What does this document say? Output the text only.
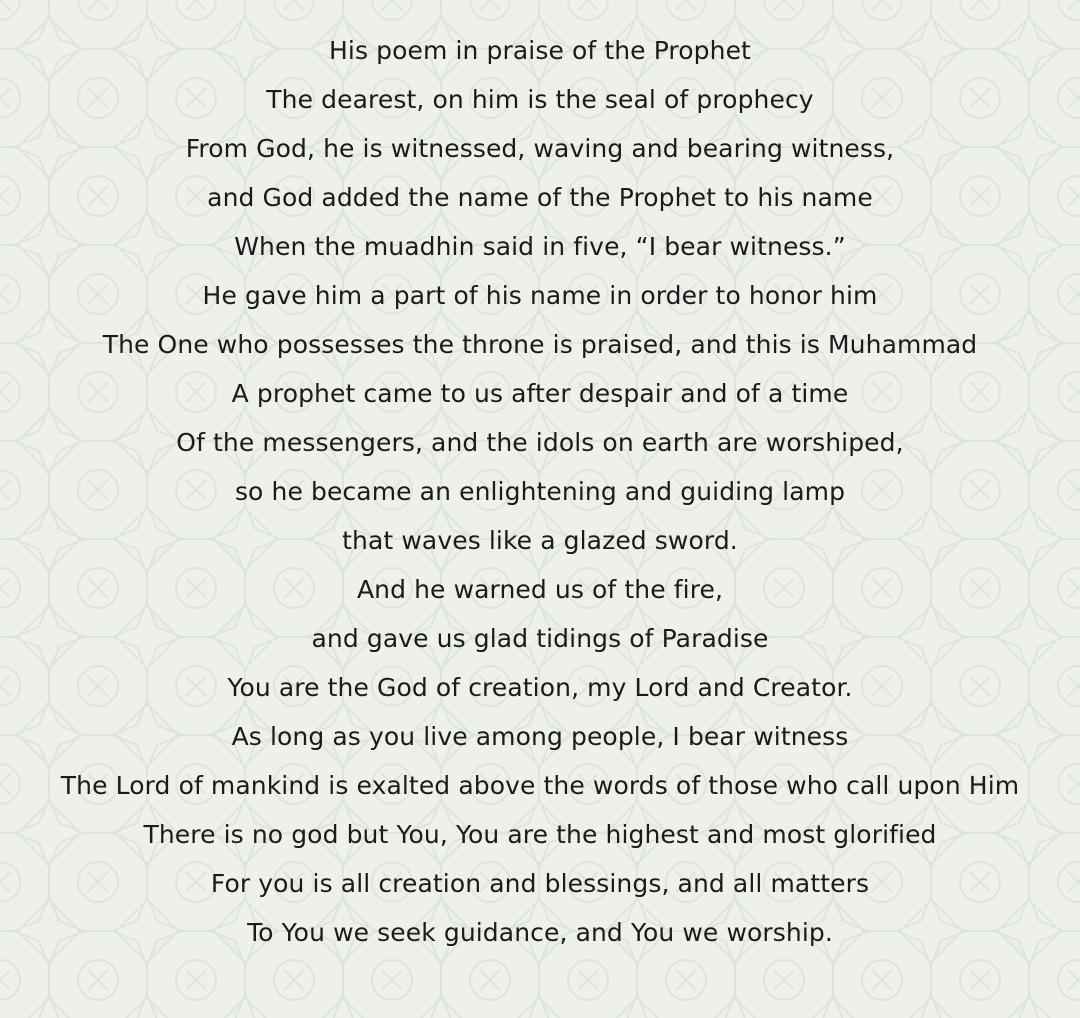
His poem in praise of the Prophet
The dearest, on him is the seal of prophecy
From God, he is witnessed, waving and bearing witness,
and God added the name of the Prophet to his name
When the muadhin said in five, “I bear witness.”
He gave him a part of his name in order to honor him
The One who possesses the throne is praised, and this is Muhammad
A prophet came to us after despair and of a time
Of the messengers, and the idols on earth are worshiped,
so he became an enlightening and guiding lamp
that waves like a glazed sword.
And he warned us of the fire,
and gave us glad tidings of Paradise
You are the God of creation, my Lord and Creator.
As long as you live among people, I bear witness
The Lord of mankind is exalted above the words of those who call upon Him
There is no god but You, You are the highest and most glorified
For you is all creation and blessings, and all matters
To You we seek guidance, and You we worship.
